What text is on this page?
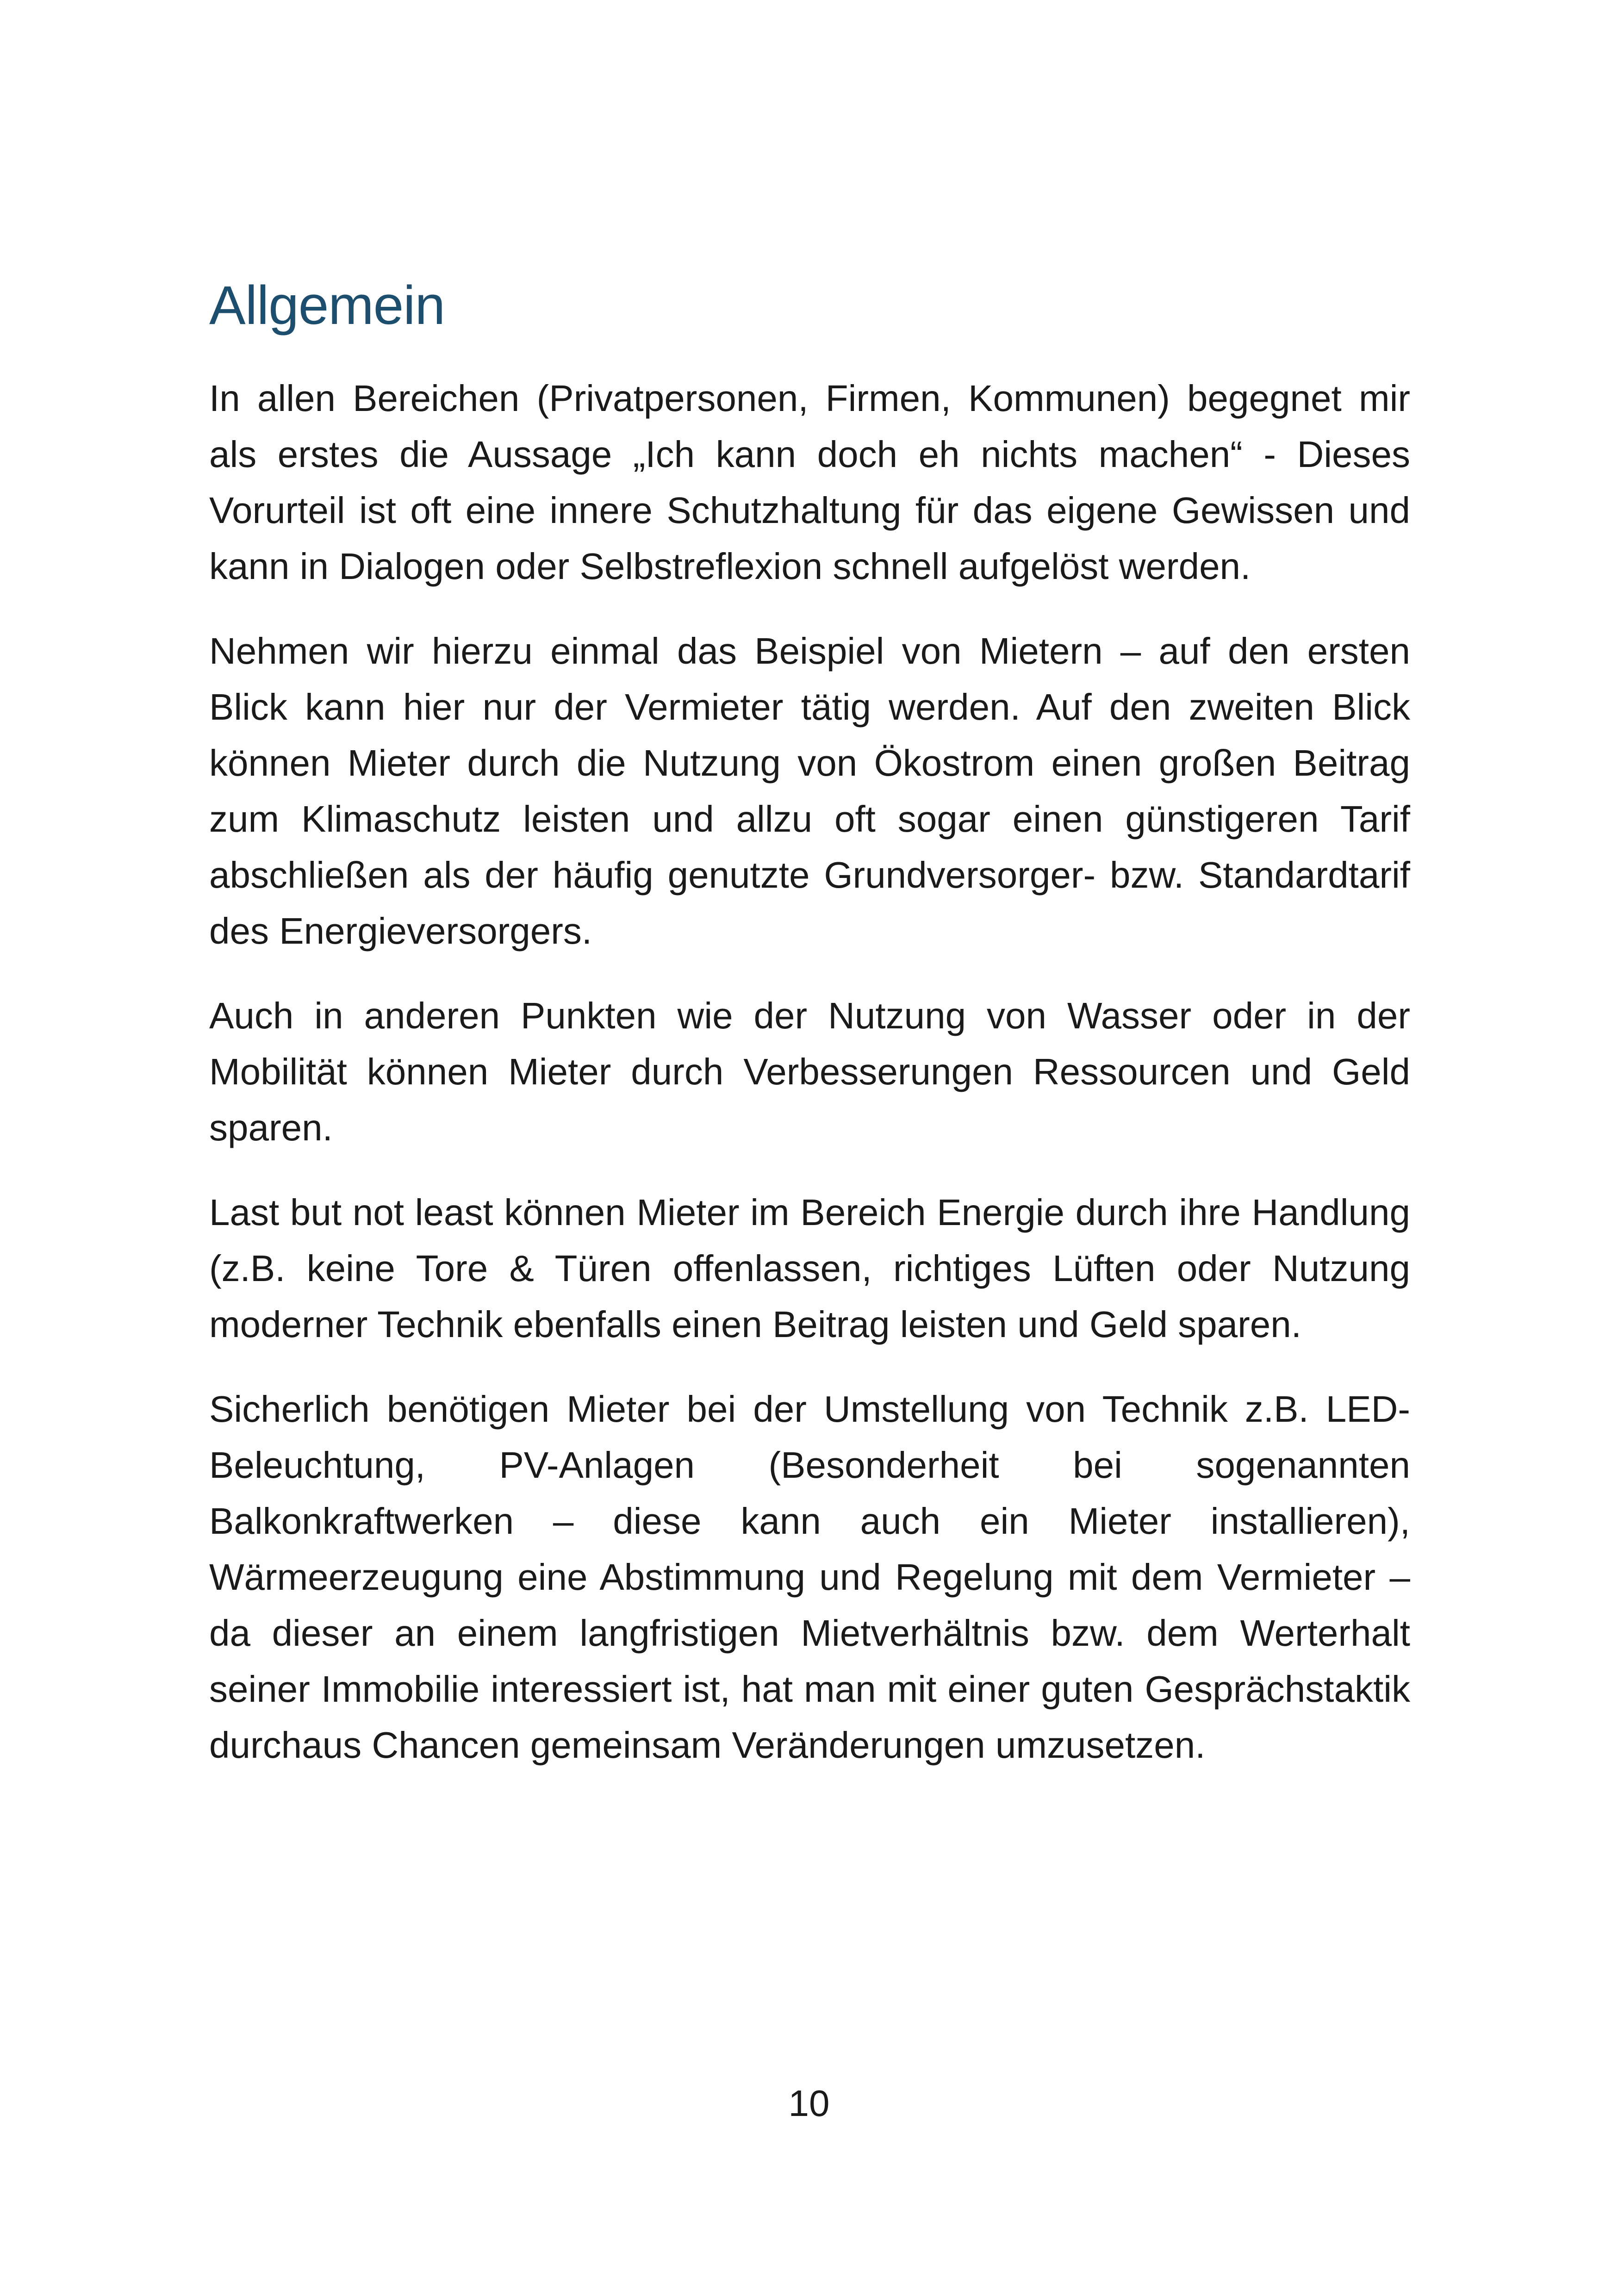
Allgemein

In allen Bereichen (Privatpersonen, Firmen, Kommunen) begegnet mir als erstes die Aussage „Ich kann doch eh nichts machen“ - Dieses Vorurteil ist oft eine innere Schutzhaltung für das eigene Gewissen und kann in Dialogen oder Selbstreflexion schnell aufgelöst werden.

Nehmen wir hierzu einmal das Beispiel von Mietern – auf den ersten Blick kann hier nur der Vermieter tätig werden. Auf den zweiten Blick können Mieter durch die Nutzung von Ökostrom einen großen Beitrag zum Klimaschutz leisten und allzu oft sogar einen günstigeren Tarif abschließen als der häufig genutzte Grundversorger- bzw. Standardtarif des Energieversorgers.

Auch in anderen Punkten wie der Nutzung von Wasser oder in der Mobilität können Mieter durch Verbesserungen Ressourcen und Geld sparen.

Last but not least können Mieter im Bereich Energie durch ihre Handlung (z.B. keine Tore & Türen offenlassen, richtiges Lüften oder Nutzung moderner Technik ebenfalls einen Beitrag leisten und Geld sparen.

Sicherlich benötigen Mieter bei der Umstellung von Technik z.B. LED-Beleuchtung, PV-Anlagen (Besonderheit bei sogenannten Balkonkraftwerken – diese kann auch ein Mieter installieren), Wärmeerzeugung eine Abstimmung und Regelung mit dem Vermieter – da dieser an einem langfristigen Mietverhältnis bzw. dem Werterhalt seiner Immobilie interessiert ist, hat man mit einer guten Gesprächstaktik durchaus Chancen gemeinsam Veränderungen umzusetzen.

10
